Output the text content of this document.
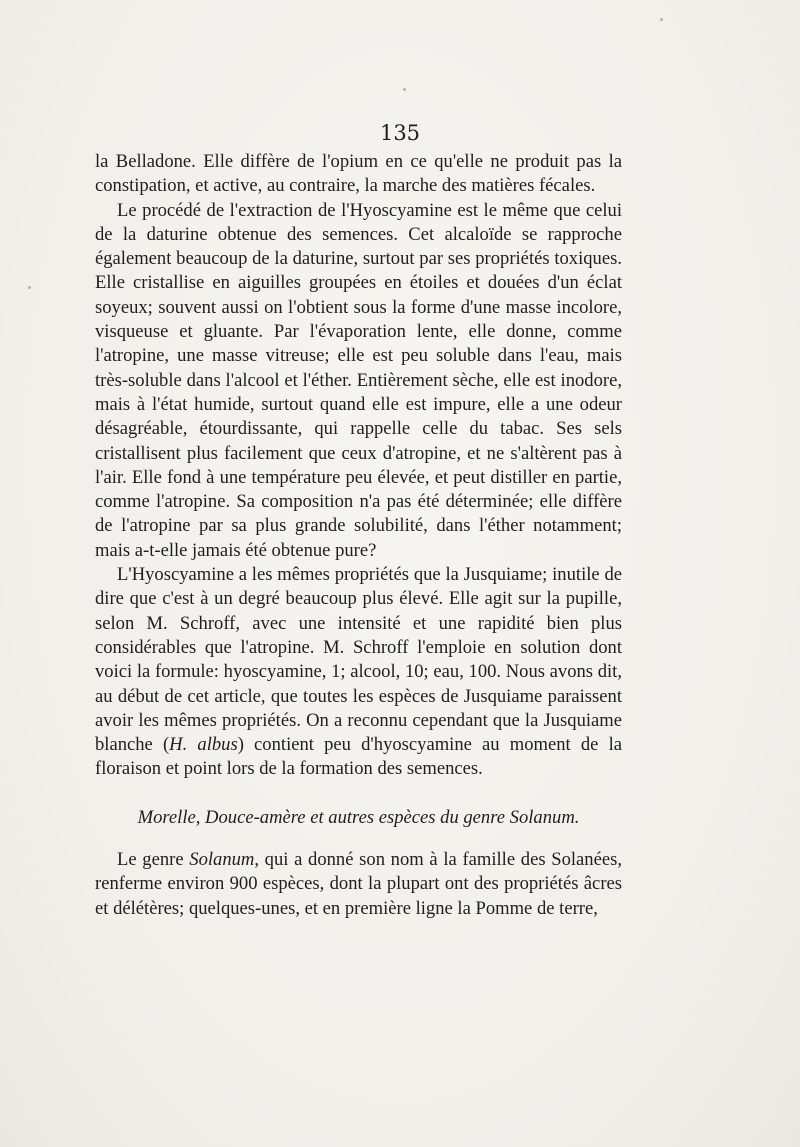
135

la Belladone. Elle diffère de l'opium en ce qu'elle ne produit pas la constipation, et active, au contraire, la marche des matières fécales.

Le procédé de l'extraction de l'Hyoscyamine est le même que celui de la daturine obtenue des semences. Cet alcaloïde se rapproche également beaucoup de la daturine, surtout par ses propriétés toxiques. Elle cristallise en aiguilles groupées en étoiles et douées d'un éclat soyeux; souvent aussi on l'obtient sous la forme d'une masse incolore, visqueuse et gluante. Par l'évaporation lente, elle donne, comme l'atropine, une masse vitreuse; elle est peu soluble dans l'eau, mais très-soluble dans l'alcool et l'éther. Entièrement sèche, elle est inodore, mais à l'état humide, surtout quand elle est impure, elle a une odeur désagréable, étourdissante, qui rappelle celle du tabac. Ses sels cristallisent plus facilement que ceux d'atropine, et ne s'altèrent pas à l'air. Elle fond à une température peu élevée, et peut distiller en partie, comme l'atropine. Sa composition n'a pas été déterminée; elle diffère de l'atropine par sa plus grande solubilité, dans l'éther notamment; mais a-t-elle jamais été obtenue pure?

L'Hyoscyamine a les mêmes propriétés que la Jusquiame; inutile de dire que c'est à un degré beaucoup plus élevé. Elle agit sur la pupille, selon M. Schroff, avec une intensité et une rapidité bien plus considérables que l'atropine. M. Schroff l'emploie en solution dont voici la formule: hyoscyamine, 1; alcool, 10; eau, 100. Nous avons dit, au début de cet article, que toutes les espèces de Jusquiame paraissent avoir les mêmes propriétés. On a reconnu cependant que la Jusquiame blanche (H. albus) contient peu d'hyoscyamine au moment de la floraison et point lors de la formation des semences.

Morelle, Douce-amère et autres espèces du genre Solanum.

Le genre Solanum, qui a donné son nom à la famille des Solanées, renferme environ 900 espèces, dont la plupart ont des propriétés âcres et délétères; quelques-unes, et en première ligne la Pomme de terre,
